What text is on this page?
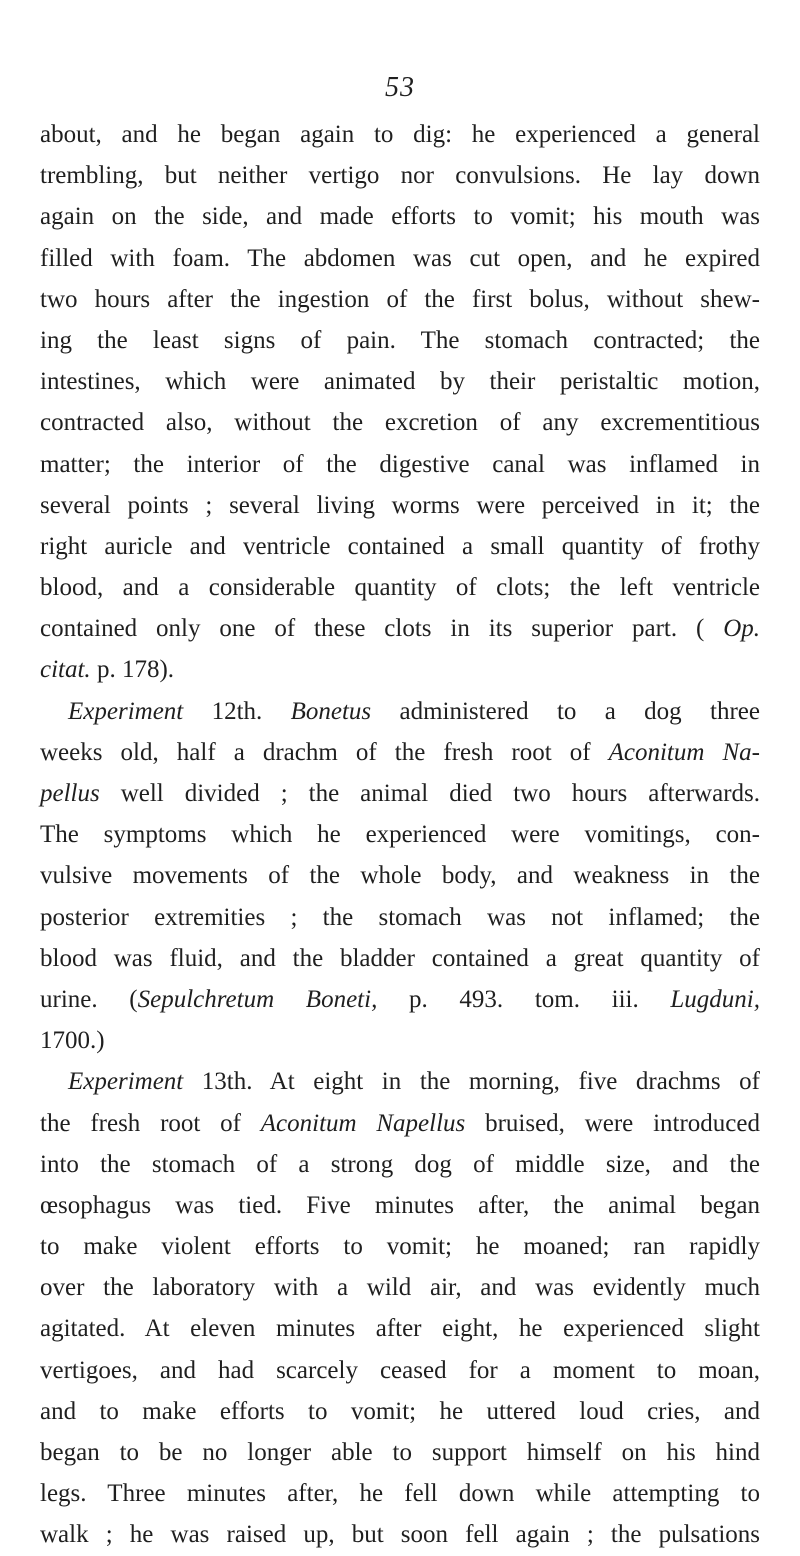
53
about, and he began again to dig: he experienced a general
trembling, but neither vertigo nor convulsions. He lay down
again on the side, and made efforts to vomit; his mouth was
filled with foam. The abdomen was cut open, and he expired
two hours after the ingestion of the first bolus, without shew-
ing the least signs of pain. The stomach contracted; the
intestines, which were animated by their peristaltic motion,
contracted also, without the excretion of any excrementitious
matter; the interior of the digestive canal was inflamed in
several points ; several living worms were perceived in it; the
right auricle and ventricle contained a small quantity of frothy
blood, and a considerable quantity of clots; the left ventricle
contained only one of these clots in its superior part. ( Op.
citat. p. 178).
Experiment 12th. Bonetus administered to a dog three
weeks old, half a drachm of the fresh root of Aconitum Na-
pellus well divided ; the animal died two hours afterwards.
The symptoms which he experienced were vomitings, con-
vulsive movements of the whole body, and weakness in the
posterior extremities ; the stomach was not inflamed; the
blood was fluid, and the bladder contained a great quantity of
urine. (Sepulchretum Boneti, p. 493. tom. iii. Lugduni,
1700.)
Experiment 13th. At eight in the morning, five drachms of
the fresh root of Aconitum Napellus bruised, were introduced
into the stomach of a strong dog of middle size, and the
œsophagus was tied. Five minutes after, the animal began
to make violent efforts to vomit; he moaned; ran rapidly
over the laboratory with a wild air, and was evidently much
agitated. At eleven minutes after eight, he experienced slight
vertigoes, and had scarcely ceased for a moment to moan,
and to make efforts to vomit; he uttered loud cries, and
began to be no longer able to support himself on his hind
legs. Three minutes after, he fell down while attempting to
walk ; he was raised up, but soon fell again ; the pulsations
